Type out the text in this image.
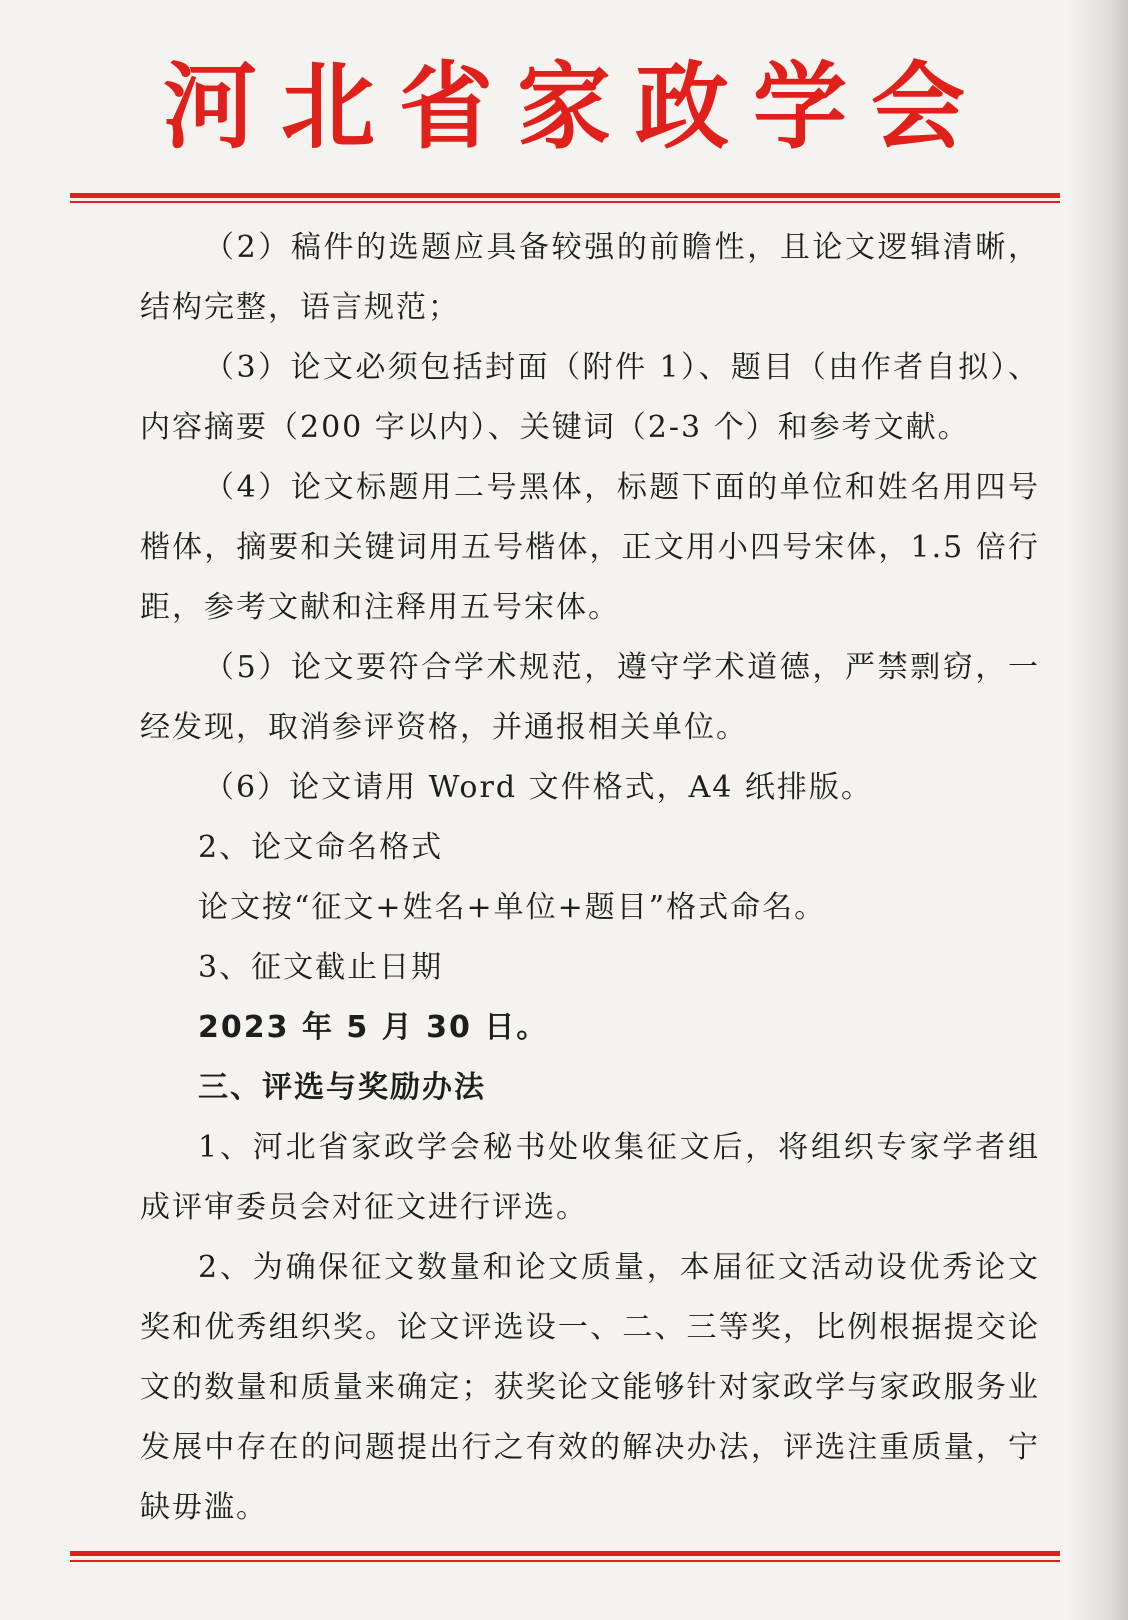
河北省家政学会

（2）稿件的选题应具备较强的前瞻性，且论文逻辑清晰，结构完整，语言规范；

（3）论文必须包括封面（附件 1）、题目（由作者自拟）、内容摘要（200 字以内）、关键词（2-3 个）和参考文献。

（4）论文标题用二号黑体，标题下面的单位和姓名用四号楷体，摘要和关键词用五号楷体，正文用小四号宋体，1.5 倍行距，参考文献和注释用五号宋体。

（5）论文要符合学术规范，遵守学术道德，严禁剽窃，一经发现，取消参评资格，并通报相关单位。

（6）论文请用 Word 文件格式，A4 纸排版。

2、论文命名格式

论文按“征文+姓名+单位+题目”格式命名。

3、征文截止日期

2023 年 5 月 30 日。

三、评选与奖励办法

1、河北省家政学会秘书处收集征文后，将组织专家学者组成评审委员会对征文进行评选。

2、为确保征文数量和论文质量，本届征文活动设优秀论文奖和优秀组织奖。论文评选设一、二、三等奖，比例根据提交论文的数量和质量来确定；获奖论文能够针对家政学与家政服务业发展中存在的问题提出行之有效的解决办法，评选注重质量，宁缺毋滥。
